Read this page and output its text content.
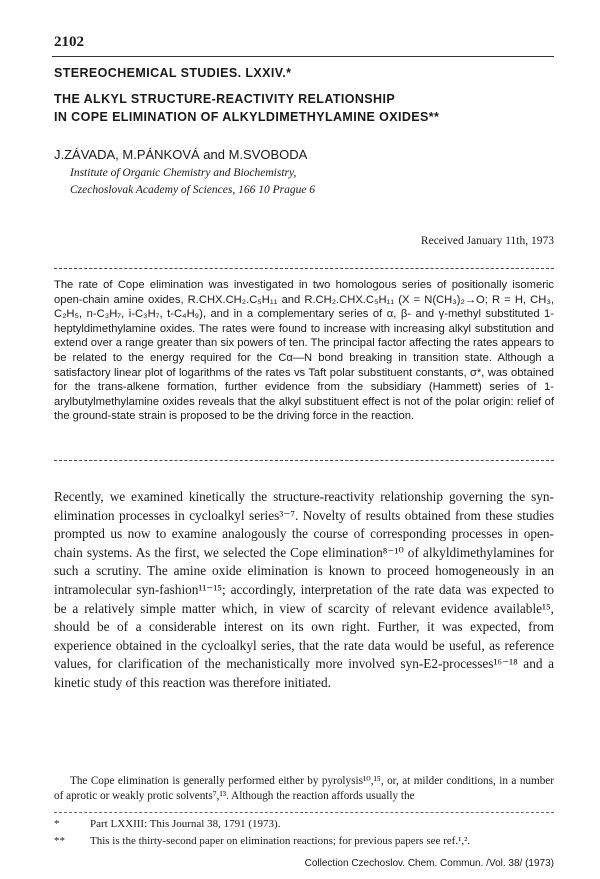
2102
STEREOCHEMICAL STUDIES. LXXIV.*
THE ALKYL STRUCTURE-REACTIVITY RELATIONSHIP
IN COPE ELIMINATION OF ALKYLDIMETHYLAMINE OXIDES**
J.ZÁVADA, M.PÁNKOVÁ and M.SVOBODA
Institute of Organic Chemistry and Biochemistry,
Czechoslovak Academy of Sciences, 166 10 Prague 6
Received January 11th, 1973
The rate of Cope elimination was investigated in two homologous series of positionally isomeric open-chain amine oxides, R.CHX.CH₂.C₅H₁₁ and R.CH₂.CHX.C₅H₁₁ (X = N(CH₃)₂→O; R = H, CH₃, C₂H₅, n-C₃H₇, i-C₃H₇, t-C₄H₉), and in a complementary series of α, β- and γ-methyl substituted 1-heptyldimethylamine oxides. The rates were found to increase with increasing alkyl substitution and extend over a range greater than six powers of ten. The principal factor affecting the rates appears to be related to the energy required for the Cα—N bond breaking in transition state. Although a satisfactory linear plot of logarithms of the rates vs Taft polar substituent constants, σ*, was obtained for the trans-alkene formation, further evidence from the subsidiary (Hammett) series of 1-arylbutylmethylamine oxides reveals that the alkyl substituent effect is not of the polar origin: relief of the ground-state strain is proposed to be the driving force in the reaction.
Recently, we examined kinetically the structure-reactivity relationship governing the syn-elimination processes in cycloalkyl series³⁻⁷. Novelty of results obtained from these studies prompted us now to examine analogously the course of corresponding processes in open-chain systems. As the first, we selected the Cope elimination⁸⁻¹⁰ of alkyldimethylamines for such a scrutiny. The amine oxide elimination is known to proceed homogeneously in an intramolecular syn-fashion¹¹⁻¹⁵; accordingly, interpretation of the rate data was expected to be a relatively simple matter which, in view of scarcity of relevant evidence available¹⁵, should be of a considerable interest on its own right. Further, it was expected, from experience obtained in the cycloalkyl series, that the rate data would be useful, as reference values, for clarification of the mechanistically more involved syn-E2-processes¹⁶⁻¹⁸ and a kinetic study of this reaction was therefore initiated.
The Cope elimination is generally performed either by pyrolysis¹⁰,¹⁵, or, at milder conditions, in a number of aprotic or weakly protic solvents⁷,¹³. Although the reaction affords usually the
*	Part LXXIII: This Journal 38, 1791 (1973).
** This is the thirty-second paper on elimination reactions; for previous papers see ref.¹,².
Collection Czechoslov. Chem. Commun. /Vol. 38/ (1973)
